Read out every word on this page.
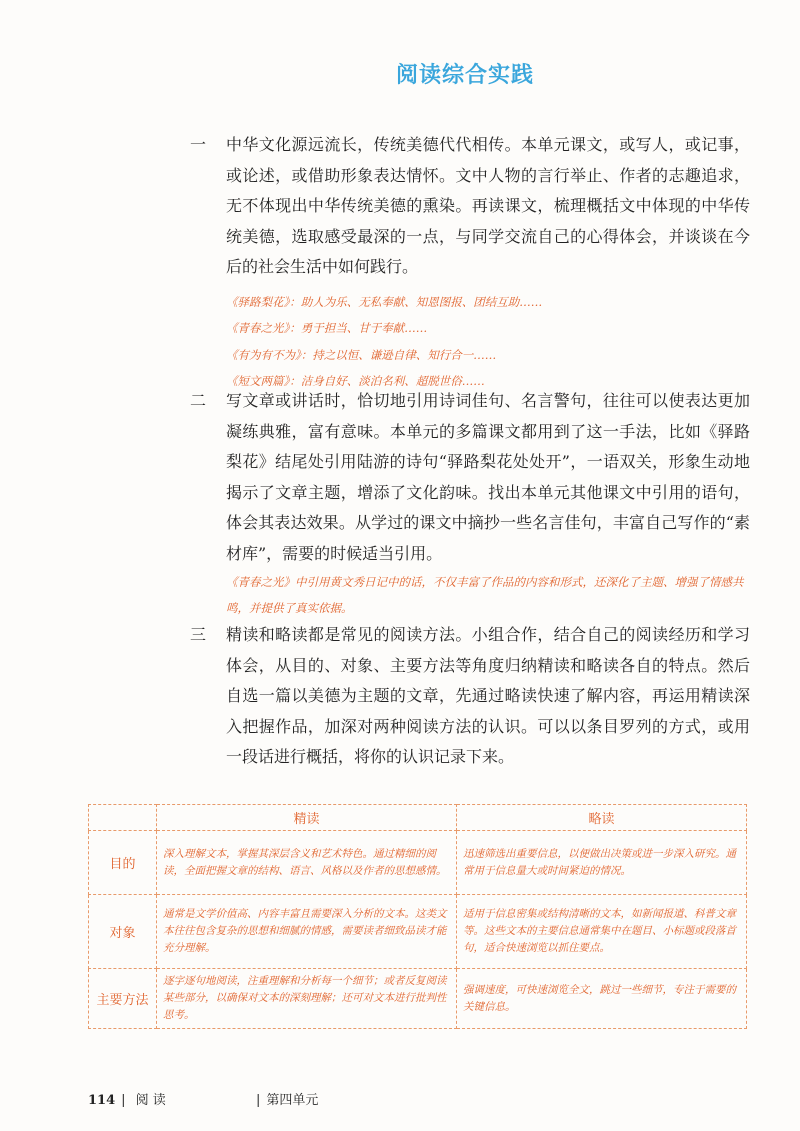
阅读综合实践
一 中华文化源远流长，传统美德代代相传。本单元课文，或写人，或记事，或论述，或借助形象表达情怀。文中人物的言行举止、作者的志趣追求，无不体现出中华传统美德的熏染。再读课文，梳理概括文中体现的中华传统美德，选取感受最深的一点，与同学交流自己的心得体会，并谈谈在今后的社会生活中如何践行。
《驿路梨花》：助人为乐、无私奉献、知恩图报、团结互助……
《青春之光》：勇于担当、甘于奉献……
《有为有不为》：持之以恒、谦逊自律、知行合一……
《短文两篇》：洁身自好、淡泊名利、超脱世俗……
二 写文章或讲话时，恰切地引用诗词佳句、名言警句，往往可以使表达更加凝练典雅，富有意味。本单元的多篇课文都用到了这一手法，比如《驿路梨花》结尾处引用陆游的诗句“驿路梨花处处开”，一语双关，形象生动地揭示了文章主题，增添了文化韵味。找出本单元其他课文中引用的语句，体会其表达效果。从学过的课文中摘抄一些名言佳句，丰富自己写作的“素材库”，需要的时候适当引用。
《青春之光》中引用黄文秀日记中的话，不仅丰富了作品的内容和形式，还深化了主题、增强了情感共鸣，并提供了真实依据。
三 精读和略读都是常见的阅读方法。小组合作，结合自己的阅读经历和学习体会，从目的、对象、主要方法等角度归纳精读和略读各自的特点。然后自选一篇以美德为主题的文章，先通过略读快速了解内容，再运用精读深入把握作品，加深对两种阅读方法的认识。可以以条目罗列的方式，或用一段话进行概括，将你的认识记录下来。
	精读	略读
目的	深入理解文本，掌握其深层含义和艺术特色。通过精细的阅读，全面把握文章的结构、语言、风格以及作者的思想感情。	迅速筛选出重要信息，以便做出决策或进一步深入研究。通常用于信息量大或时间紧迫的情况。
对象	通常是文学价值高、内容丰富且需要深入分析的文本。这类文本往往包含复杂的思想和细腻的情感，需要读者细致品读才能充分理解。	适用于信息密集或结构清晰的文本，如新闻报道、科普文章等。这些文本的主要信息通常集中在题目、小标题或段落首句，适合快速浏览以抓住要点。
主要方法	逐字逐句地阅读，注重理解和分析每一个细节；或者反复阅读某些部分，以确保对文本的深刻理解；还可对文本进行批判性思考。	强调速度，可快速浏览全文，跳过一些细节，专注于需要的关键信息。
114 | 阅 读	| 第四单元
